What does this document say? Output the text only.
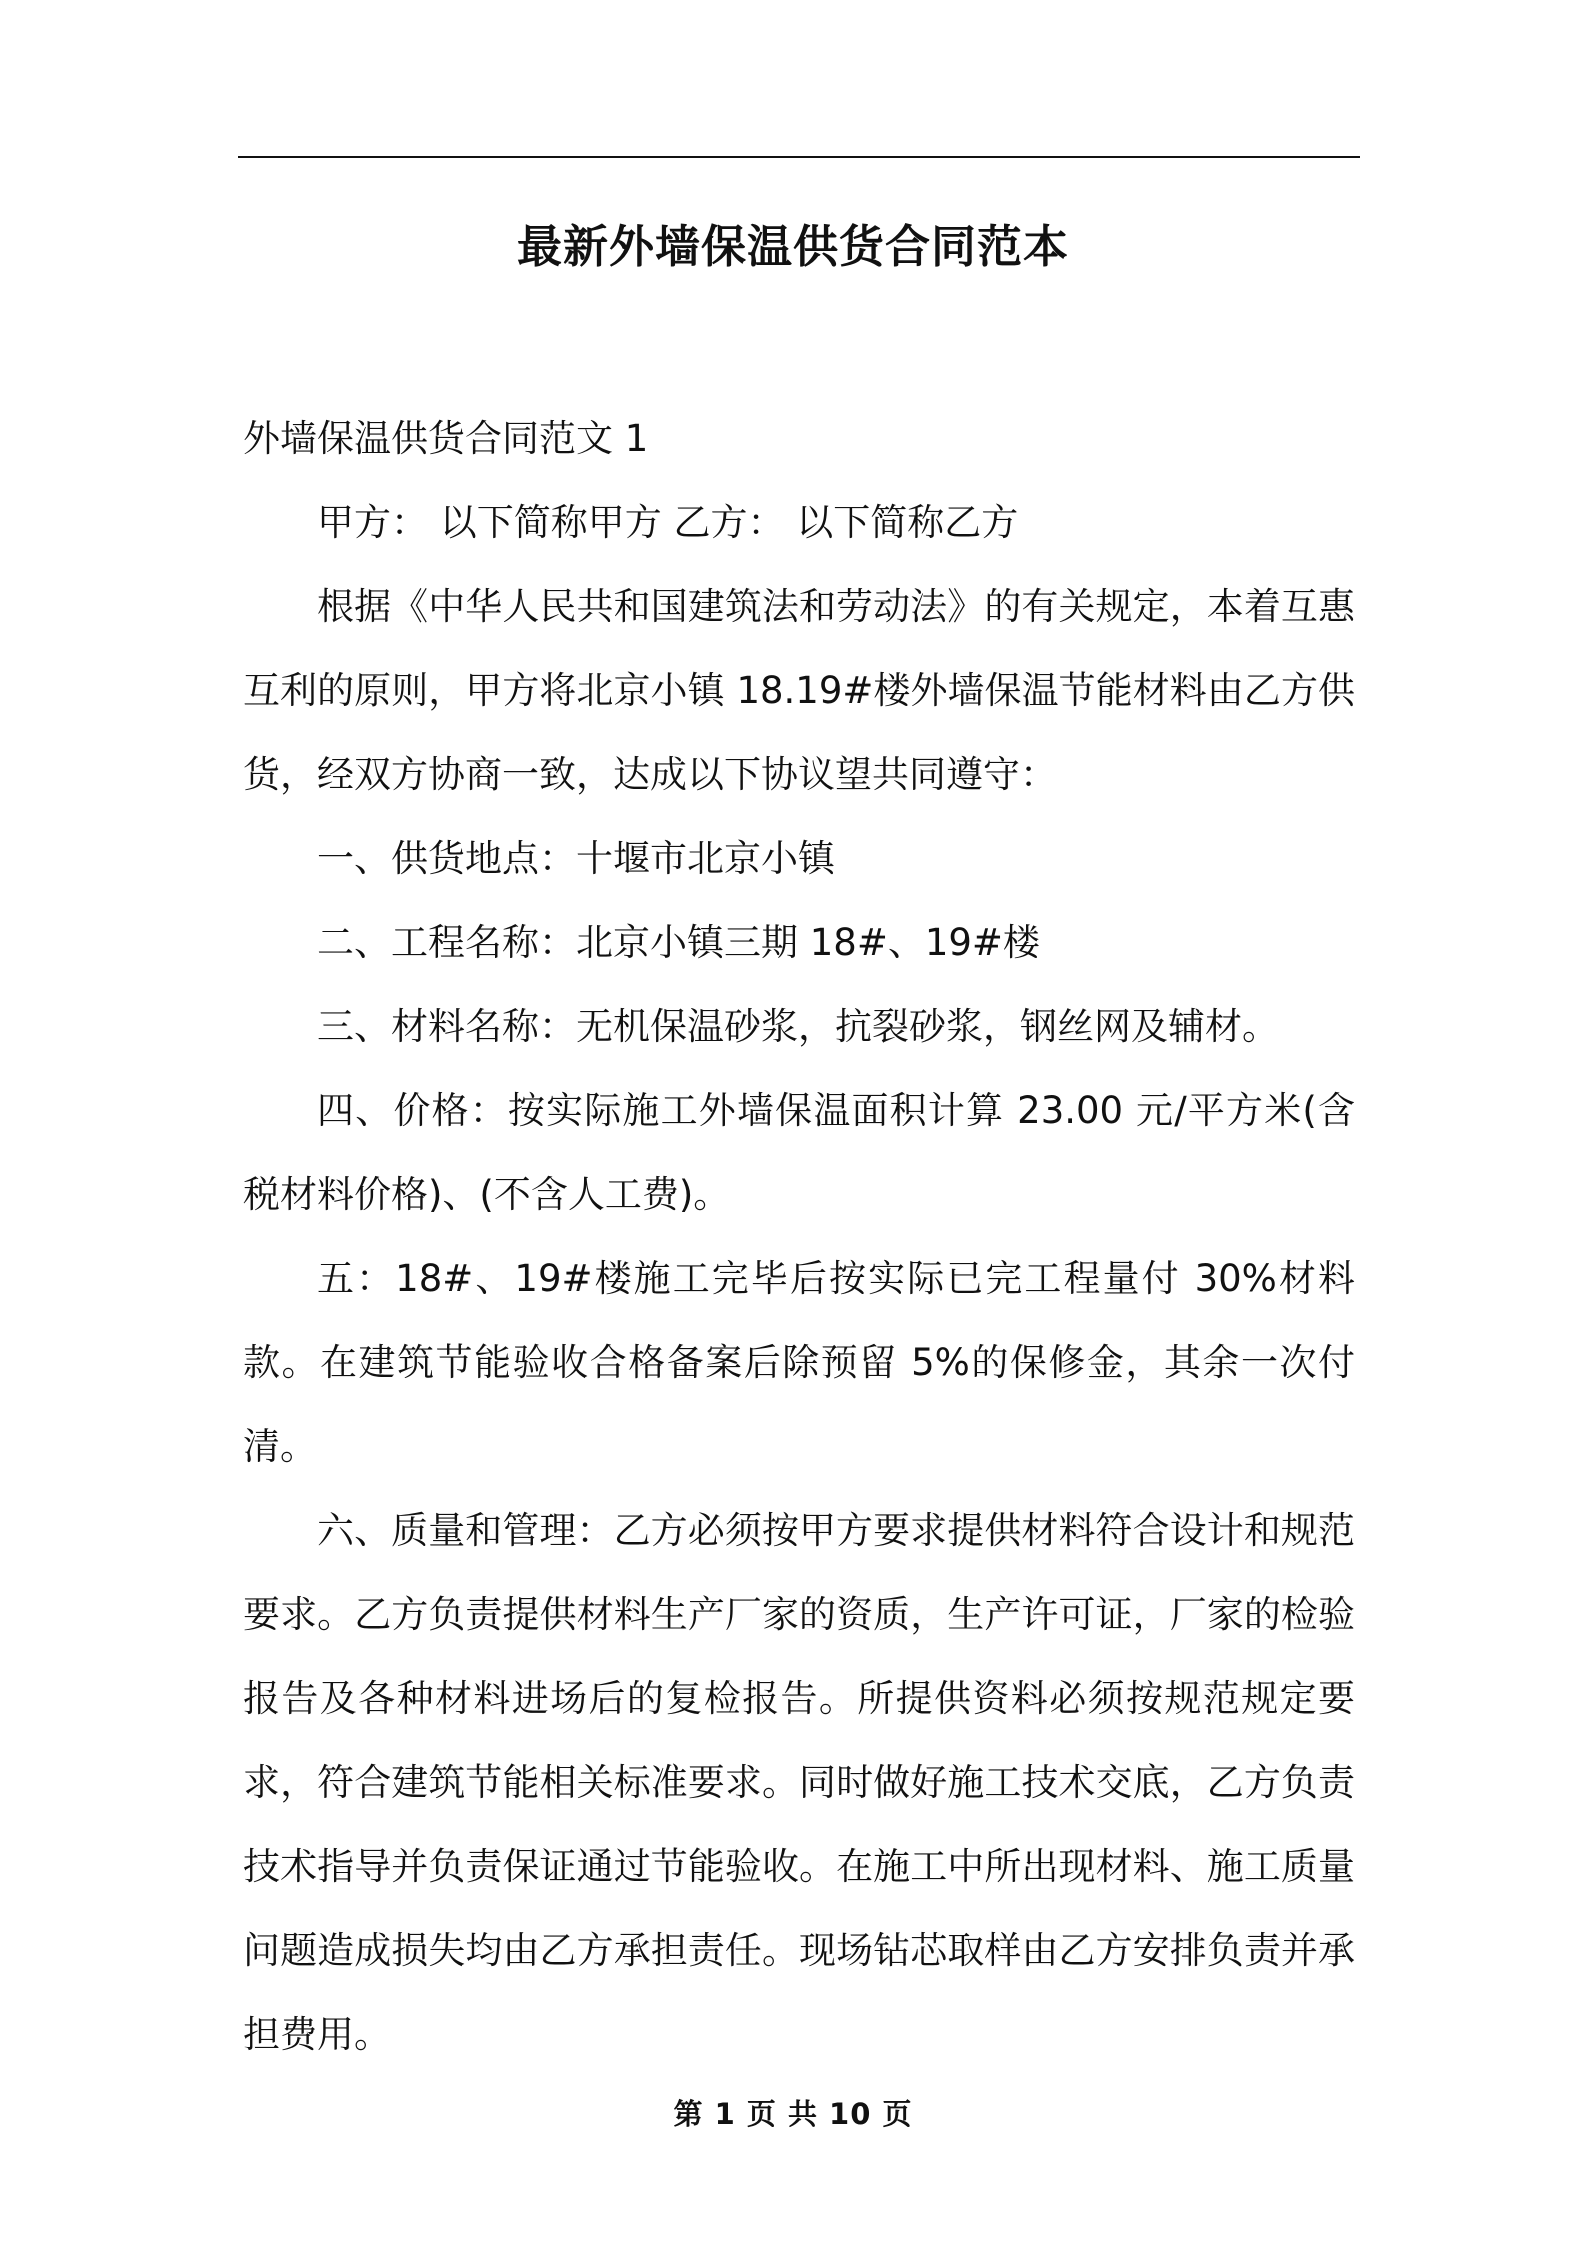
最新外墙保温供货合同范本

外墙保温供货合同范文 1

甲方： 以下简称甲方 乙方： 以下简称乙方

根据《中华人民共和国建筑法和劳动法》的有关规定，本着互惠互利的原则，甲方将北京小镇 18.19#楼外墙保温节能材料由乙方供货，经双方协商一致，达成以下协议望共同遵守：

一、供货地点：十堰市北京小镇

二、工程名称：北京小镇三期 18#、19#楼

三、材料名称：无机保温砂浆，抗裂砂浆，钢丝网及辅材。

四、价格：按实际施工外墙保温面积计算 23.00 元/平方米(含税材料价格)、(不含人工费)。

五：18#、19#楼施工完毕后按实际已完工程量付 30%材料款。在建筑节能验收合格备案后除预留 5%的保修金，其余一次付清。

六、质量和管理：乙方必须按甲方要求提供材料符合设计和规范要求。乙方负责提供材料生产厂家的资质，生产许可证，厂家的检验报告及各种材料进场后的复检报告。所提供资料必须按规范规定要求，符合建筑节能相关标准要求。同时做好施工技术交底，乙方负责技术指导并负责保证通过节能验收。在施工中所出现材料、施工质量问题造成损失均由乙方承担责任。现场钻芯取样由乙方安排负责并承担费用。

第 1 页 共 10 页
